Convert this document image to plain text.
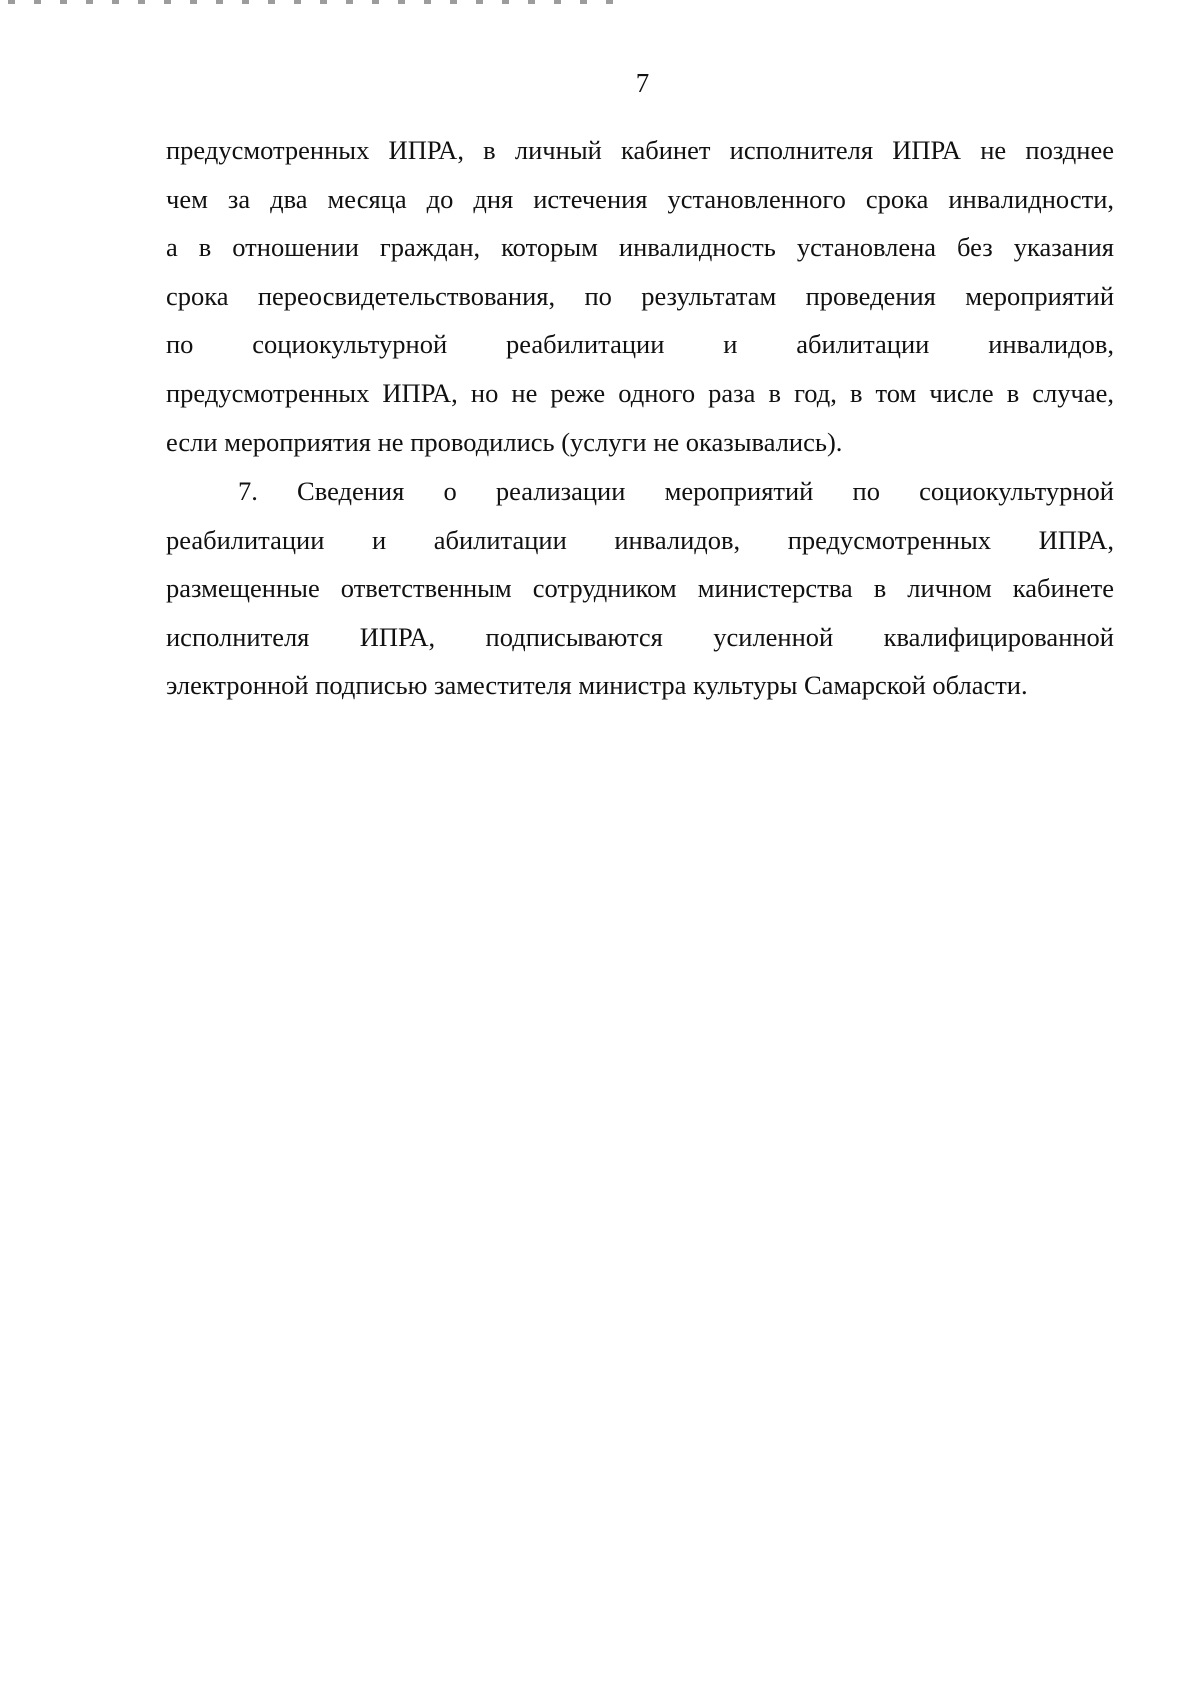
7
предусмотренных ИПРА, в личный кабинет исполнителя ИПРА не позднее
чем за два месяца до дня истечения установленного срока инвалидности,
а в отношении граждан, которым инвалидность установлена без указания
срока переосвидетельствования, по результатам проведения мероприятий
по социокультурной реабилитации и абилитации инвалидов,
предусмотренных ИПРА, но не реже одного раза в год, в том числе в случае,
если мероприятия не проводились (услуги не оказывались).
7. Сведения о реализации мероприятий по социокультурной
реабилитации и абилитации инвалидов, предусмотренных ИПРА,
размещенные ответственным сотрудником министерства в личном кабинете
исполнителя ИПРА, подписываются усиленной квалифицированной
электронной подписью заместителя министра культуры Самарской области.
